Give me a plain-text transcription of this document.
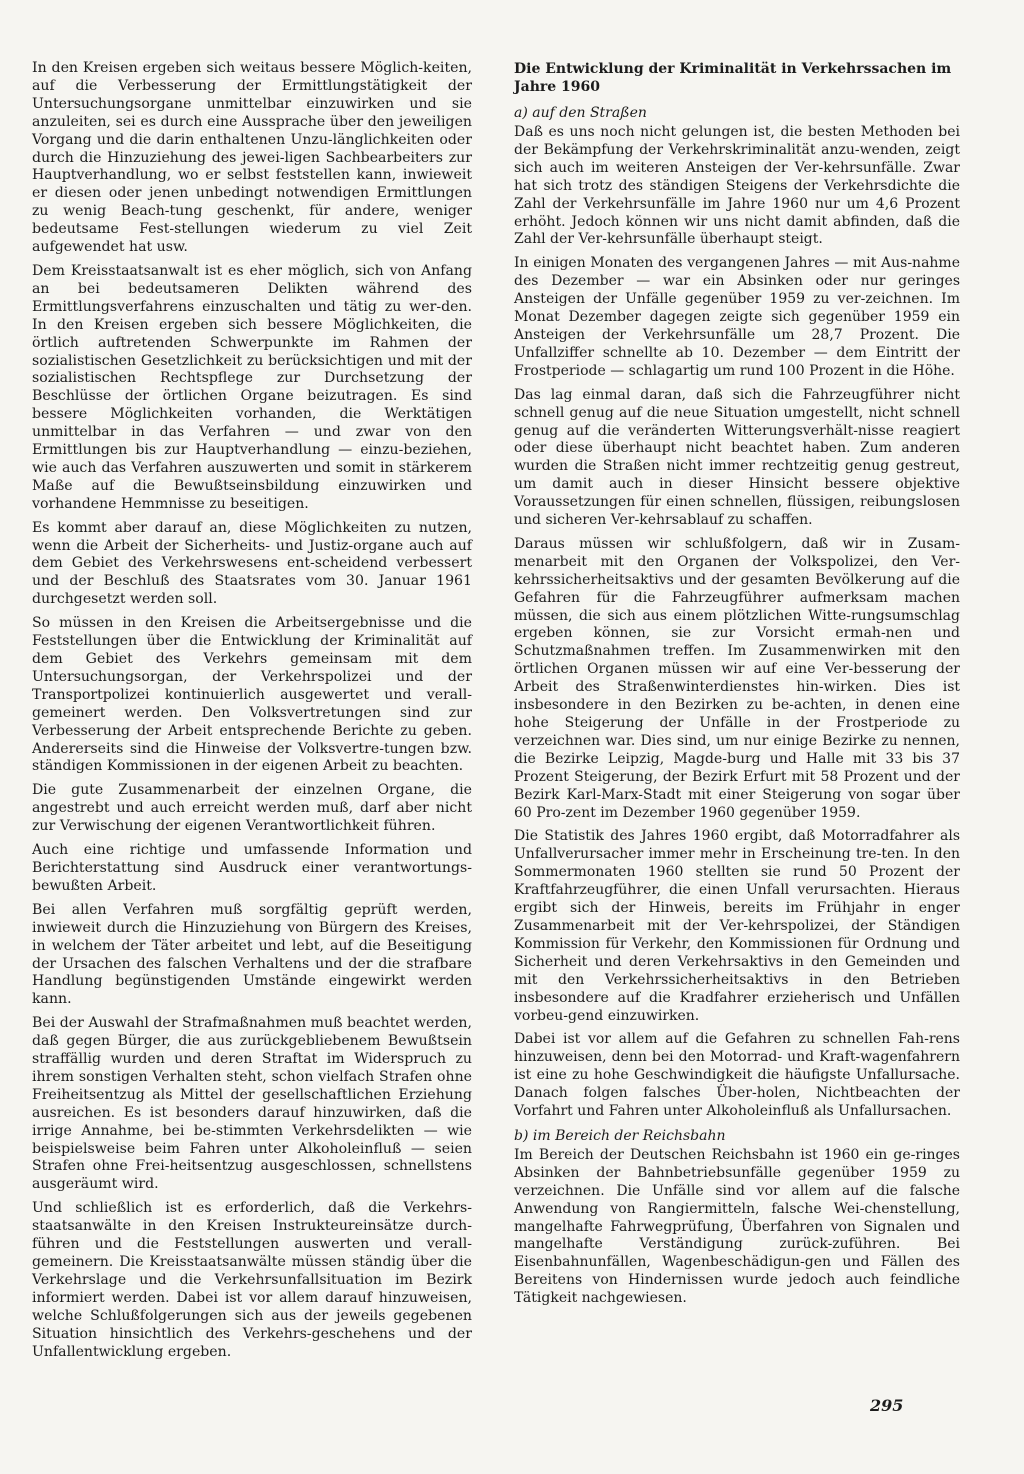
In den Kreisen ergeben sich weitaus bessere Möglich-keiten, auf die Verbesserung der Ermittlungstätigkeit der Untersuchungsorgane unmittelbar einzuwirken und sie anzuleiten, sei es durch eine Aussprache über den jeweiligen Vorgang und die darin enthaltenen Unzu-länglichkeiten oder durch die Hinzuziehung des jewei-ligen Sachbearbeiters zur Hauptverhandlung, wo er selbst feststellen kann, inwieweit er diesen oder jenen unbedingt notwendigen Ermittlungen zu wenig Beach-tung geschenkt, für andere, weniger bedeutsame Fest-stellungen wiederum zu viel Zeit aufgewendet hat usw.

Dem Kreisstaatsanwalt ist es eher möglich, sich von Anfang an bei bedeutsameren Delikten während des Ermittlungsverfahrens einzuschalten und tätig zu wer-den. In den Kreisen ergeben sich bessere Möglichkeiten, die örtlich auftretenden Schwerpunkte im Rahmen der sozialistischen Gesetzlichkeit zu berücksichtigen und mit der sozialistischen Rechtspflege zur Durchsetzung der Beschlüsse der örtlichen Organe beizutragen. Es sind bessere Möglichkeiten vorhanden, die Werktätigen unmittelbar in das Verfahren — und zwar von den Ermittlungen bis zur Hauptverhandlung — einzu-beziehen, wie auch das Verfahren auszuwerten und somit in stärkerem Maße auf die Bewußtseinsbildung einzuwirken und vorhandene Hemmnisse zu beseitigen.

Es kommt aber darauf an, diese Möglichkeiten zu nutzen, wenn die Arbeit der Sicherheits- und Justiz-organe auch auf dem Gebiet des Verkehrswesens ent-scheidend verbessert und der Beschluß des Staatsrates vom 30. Januar 1961 durchgesetzt werden soll.

So müssen in den Kreisen die Arbeitsergebnisse und die Feststellungen über die Entwicklung der Kriminalität auf dem Gebiet des Verkehrs gemeinsam mit dem Untersuchungsorgan, der Verkehrspolizei und der Transportpolizei kontinuierlich ausgewertet und verall-gemeinert werden. Den Volksvertretungen sind zur Verbesserung der Arbeit entsprechende Berichte zu geben. Andererseits sind die Hinweise der Volksvertre-tungen bzw. ständigen Kommissionen in der eigenen Arbeit zu beachten.

Die gute Zusammenarbeit der einzelnen Organe, die angestrebt und auch erreicht werden muß, darf aber nicht zur Verwischung der eigenen Verantwortlichkeit führen.

Auch eine richtige und umfassende Information und Berichterstattung sind Ausdruck einer verantwortungs-bewußten Arbeit.

Bei allen Verfahren muß sorgfältig geprüft werden, inwieweit durch die Hinzuziehung von Bürgern des Kreises, in welchem der Täter arbeitet und lebt, auf die Beseitigung der Ursachen des falschen Verhaltens und der die strafbare Handlung begünstigenden Umstände eingewirkt werden kann.

Bei der Auswahl der Strafmaßnahmen muß beachtet werden, daß gegen Bürger, die aus zurückgebliebenem Bewußtsein straffällig wurden und deren Straftat im Widerspruch zu ihrem sonstigen Verhalten steht, schon vielfach Strafen ohne Freiheitsentzug als Mittel der gesellschaftlichen Erziehung ausreichen. Es ist besonders darauf hinzuwirken, daß die irrige Annahme, bei be-stimmten Verkehrsdelikten — wie beispielsweise beim Fahren unter Alkoholeinfluß — seien Strafen ohne Frei-heitsentzug ausgeschlossen, schnellstens ausgeräumt wird.

Und schließlich ist es erforderlich, daß die Verkehrs-staatsanwälte in den Kreisen Instrukteureinsätze durch-führen und die Feststellungen auswerten und verall-gemeinern. Die Kreisstaatsanwälte müssen ständig über die Verkehrslage und die Verkehrsunfallsituation im Bezirk informiert werden. Dabei ist vor allem darauf hinzuweisen, welche Schlußfolgerungen sich aus der jeweils gegebenen Situation hinsichtlich des Verkehrs-geschehens und der Unfallentwicklung ergeben.

Die Entwicklung der Kriminalität in Verkehrssachen im Jahre 1960
a) auf den Straßen

Daß es uns noch nicht gelungen ist, die besten Methoden bei der Bekämpfung der Verkehrskriminalität anzu-wenden, zeigt sich auch im weiteren Ansteigen der Ver-kehrsunfälle. Zwar hat sich trotz des ständigen Steigens der Verkehrsdichte die Zahl der Verkehrsunfälle im Jahre 1960 nur um 4,6 Prozent erhöht. Jedoch können wir uns nicht damit abfinden, daß die Zahl der Ver-kehrsunfälle überhaupt steigt.

In einigen Monaten des vergangenen Jahres — mit Aus-nahme des Dezember — war ein Absinken oder nur geringes Ansteigen der Unfälle gegenüber 1959 zu ver-zeichnen. Im Monat Dezember dagegen zeigte sich gegenüber 1959 ein Ansteigen der Verkehrsunfälle um 28,7 Prozent. Die Unfallziffer schnellte ab 10. Dezember — dem Eintritt der Frostperiode — schlagartig um rund 100 Prozent in die Höhe.

Das lag einmal daran, daß sich die Fahrzeugführer nicht schnell genug auf die neue Situation umgestellt, nicht schnell genug auf die veränderten Witterungsverhält-nisse reagiert oder diese überhaupt nicht beachtet haben. Zum anderen wurden die Straßen nicht immer rechtzeitig genug gestreut, um damit auch in dieser Hinsicht bessere objektive Voraussetzungen für einen schnellen, flüssigen, reibungslosen und sicheren Ver-kehrsablauf zu schaffen.

Daraus müssen wir schlußfolgern, daß wir in Zusam-menarbeit mit den Organen der Volkspolizei, den Ver-kehrssicherheitsaktivs und der gesamten Bevölkerung auf die Gefahren für die Fahrzeugführer aufmerksam machen müssen, die sich aus einem plötzlichen Witte-rungsumschlag ergeben können, sie zur Vorsicht ermah-nen und Schutzmaßnahmen treffen. Im Zusammenwirken mit den örtlichen Organen müssen wir auf eine Ver-besserung der Arbeit des Straßenwinterdienstes hin-wirken. Dies ist insbesondere in den Bezirken zu be-achten, in denen eine hohe Steigerung der Unfälle in der Frostperiode zu verzeichnen war. Dies sind, um nur einige Bezirke zu nennen, die Bezirke Leipzig, Magde-burg und Halle mit 33 bis 37 Prozent Steigerung, der Bezirk Erfurt mit 58 Prozent und der Bezirk Karl-Marx-Stadt mit einer Steigerung von sogar über 60 Pro-zent im Dezember 1960 gegenüber 1959.

Die Statistik des Jahres 1960 ergibt, daß Motorradfahrer als Unfallverursacher immer mehr in Erscheinung tre-ten. In den Sommermonaten 1960 stellten sie rund 50 Prozent der Kraftfahrzeugführer, die einen Unfall verursachten. Hieraus ergibt sich der Hinweis, bereits im Frühjahr in enger Zusammenarbeit mit der Ver-kehrspolizei, der Ständigen Kommission für Verkehr, den Kommissionen für Ordnung und Sicherheit und deren Verkehrsaktivs in den Gemeinden und mit den Verkehrssicherheitsaktivs in den Betrieben insbesondere auf die Kradfahrer erzieherisch und Unfällen vorbeu-gend einzuwirken.

Dabei ist vor allem auf die Gefahren zu schnellen Fah-rens hinzuweisen, denn bei den Motorrad- und Kraft-wagenfahrern ist eine zu hohe Geschwindigkeit die häufigste Unfallursache. Danach folgen falsches Über-holen, Nichtbeachten der Vorfahrt und Fahren unter Alkoholeinfluß als Unfallursachen.

b) im Bereich der Reichsbahn

Im Bereich der Deutschen Reichsbahn ist 1960 ein ge-ringes Absinken der Bahnbetriebsunfälle gegenüber 1959 zu verzeichnen. Die Unfälle sind vor allem auf die falsche Anwendung von Rangiermitteln, falsche Wei-chenstellung, mangelhafte Fahrwegprüfung, Überfahren von Signalen und mangelhafte Verständigung zurück-zuführen. Bei Eisenbahnunfällen, Wagenbeschädigun-gen und Fällen des Bereitens von Hindernissen wurde jedoch auch feindliche Tätigkeit nachgewiesen.

295
